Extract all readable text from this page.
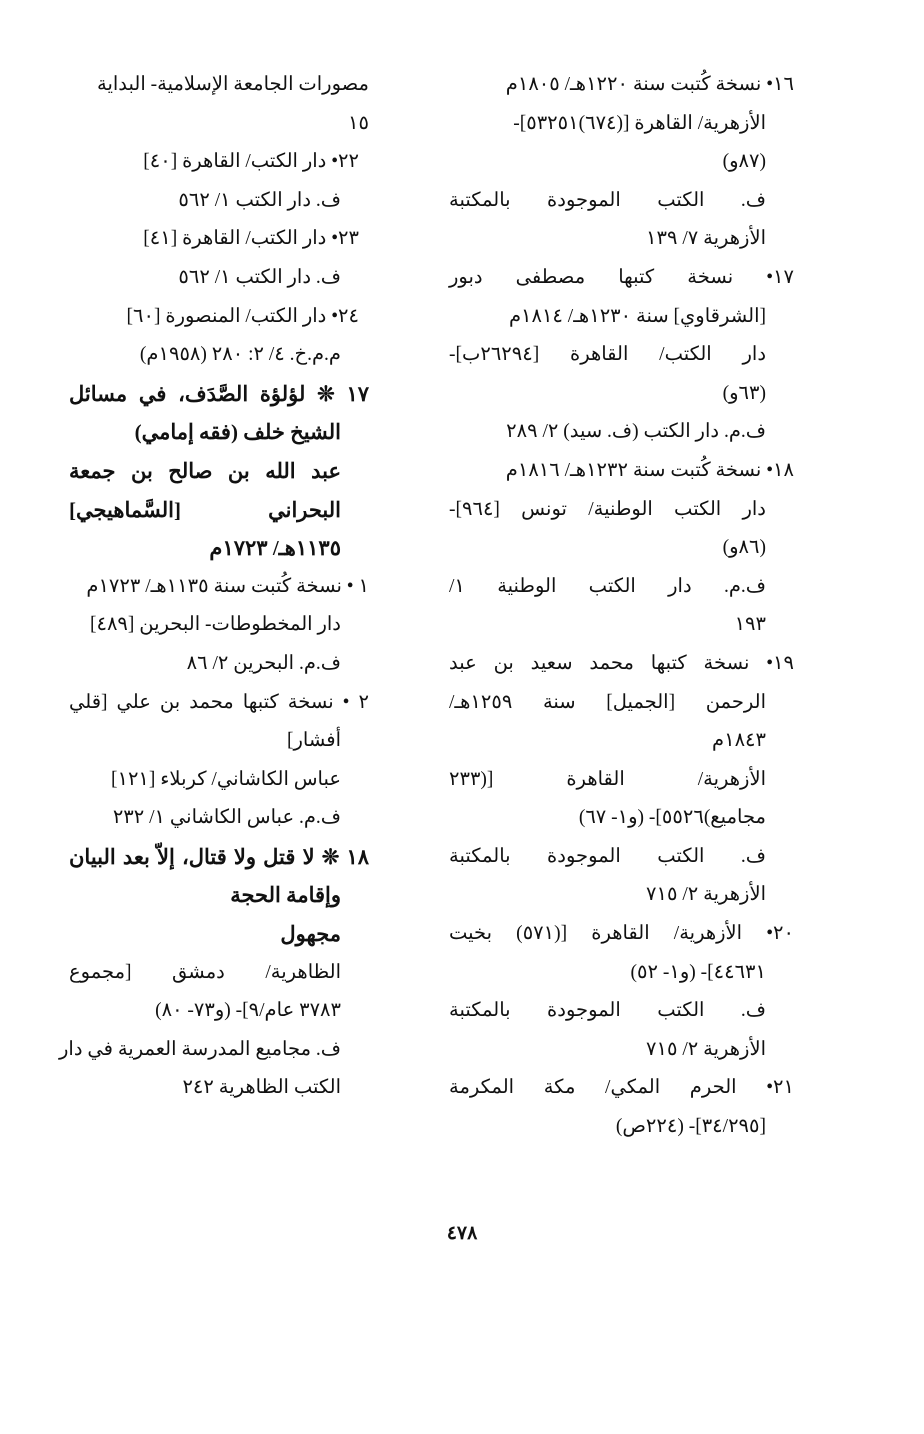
١٦• نسخة كُتبت سنة ١٢٢٠هـ/ ١٨٠٥م
الأزهرية/ القاهرة [(٦٧٤)٥٣٢٥١]-
(٨٧و)
ف. الكتب الموجودة بالمكتبة
الأزهرية ٧/ ١٣٩
١٧• نسخة كتبها مصطفى دبور
[الشرقاوي] سنة ١٢٣٠هـ/ ١٨١٤م
دار الكتب/ القاهرة [٢٦٢٩٤ب]-
(٦٣و)
ف.م. دار الكتب (ف. سيد) ٢/ ٢٨٩
١٨• نسخة كُتبت سنة ١٢٣٢هـ/ ١٨١٦م
دار الكتب الوطنية/ تونس [٩٦٤]-
(٨٦و)
ف.م. دار الكتب الوطنية ١/
١٩٣
١٩• نسخة كتبها محمد سعيد بن عبد
الرحمن [الجميل] سنة ١٢٥٩هـ/
١٨٤٣م
الأزهرية/ القاهرة [(٢٣٣
مجاميع)٥٥٢٦]- (و١- ٦٧)
ف. الكتب الموجودة بالمكتبة
الأزهرية ٢/ ٧١٥
٢٠• الأزهرية/ القاهرة [(٥٧١) بخيت
٤٤٦٣١]- (و١- ٥٢)
ف. الكتب الموجودة بالمكتبة
الأزهرية ٢/ ٧١٥
٢١• الحرم المكي/ مكة المكرمة
[٣٤/٢٩٥]- (٢٢٤ص)
مصورات الجامعة الإسلامية- البداية
١٥
٢٢• دار الكتب/ القاهرة [٤٠]
ف. دار الكتب ١/ ٥٦٢
٢٣• دار الكتب/ القاهرة [٤١]
ف. دار الكتب ١/ ٥٦٢
٢٤• دار الكتب/ المنصورة [٦٠]
م.م.خ. ٤/ ٢: ٢٨٠ (١٩٥٨م)
١٧ ❊ لؤلؤة الصَّدَف، في مسائل
الشيخ خلف (فقه إمامي)
عبد الله بن صالح بن جمعة
البحراني [السَّماهيجي]
١١٣٥هـ/ ١٧٢٣م
١ • نسخة كُتبت سنة ١١٣٥هـ/ ١٧٢٣م
دار المخطوطات- البحرين [٤٨٩]
ف.م. البحرين ٢/ ٨٦
٢ • نسخة كتبها محمد بن علي [قلي
أفشار]
عباس الكاشاني/ كربلاء [١٢١]
ف.م. عباس الكاشاني ١/ ٢٣٢
١٨ ❊ لا قتل ولا قتال، إلاّ بعد البيان
وإقامة الحجة
مجهول
الظاهرية/ دمشق [مجموع
٣٧٨٣ عام/٩]- (و٧٣- ٨٠)
ف. مجاميع المدرسة العمرية في دار
الكتب الظاهرية ٢٤٢
٤٧٨
